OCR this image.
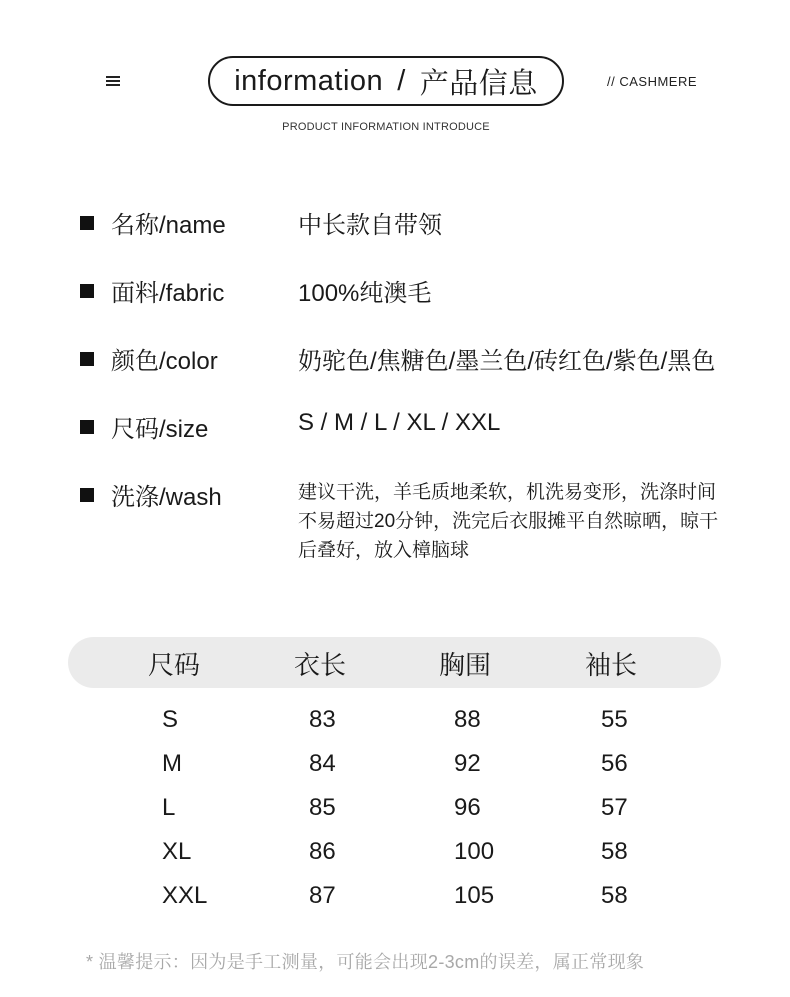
information / 产品信息	// CASHMERE
PRODUCT INFORMATION INTRODUCE
名称/name	中长款自带领
面料/fabric	100%纯澳毛
颜色/color	奶驼色/焦糖色/墨兰色/砖红色/紫色/黑色
尺码/size	S / M / L / XL / XXL
洗涤/wash	建议干洗，羊毛质地柔软，机洗易变形，洗涤时间不易超过20分钟，洗完后衣服摊平自然晾晒，晾干后叠好，放入樟脑球
尺码	衣长	胸围	袖长
S	83	88	55
M	84	92	56
L	85	96	57
XL	86	100	58
XXL	87	105	58
* 温馨提示：因为是手工测量，可能会出现2-3cm的误差，属正常现象
